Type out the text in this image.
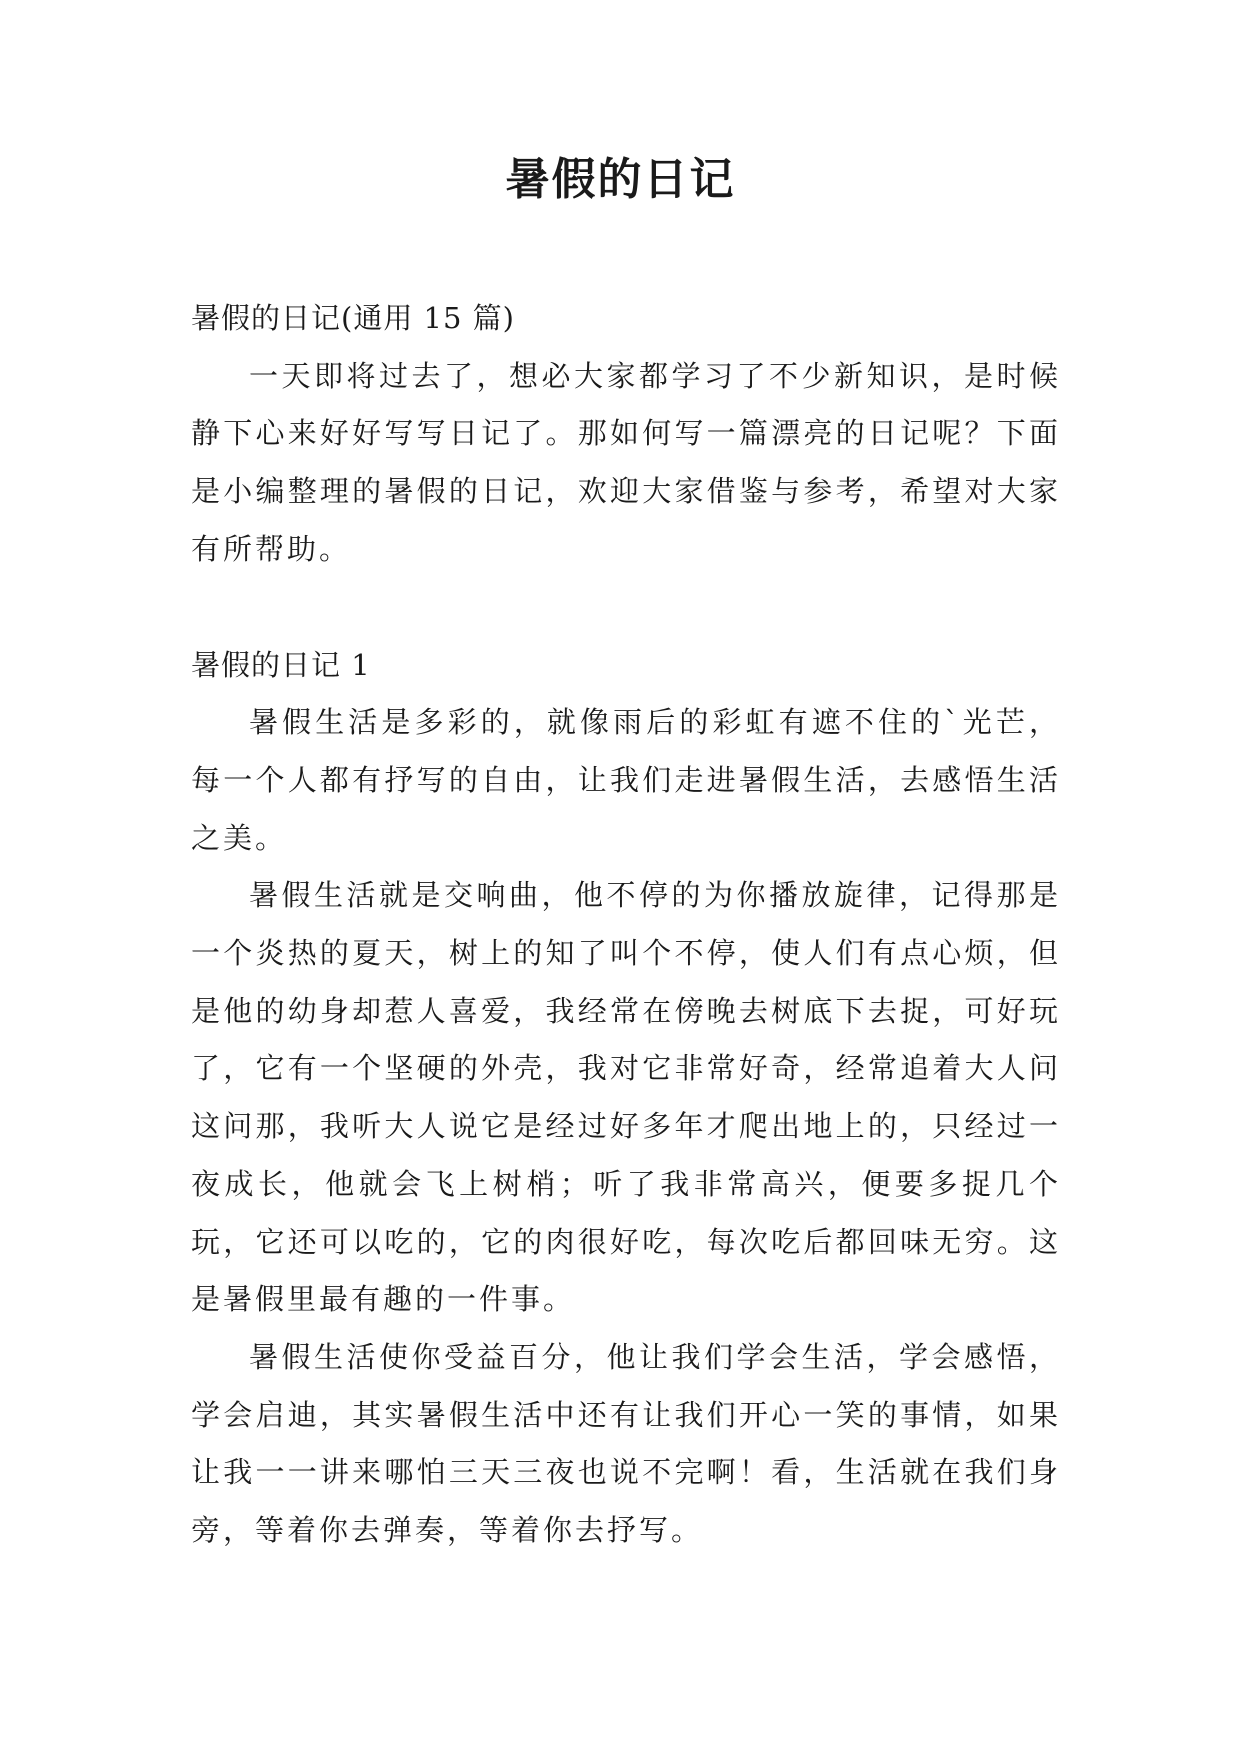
暑假的日记

暑假的日记(通用 15 篇)

一天即将过去了，想必大家都学习了不少新知识，是时候静下心来好好写写日记了。那如何写一篇漂亮的日记呢？下面是小编整理的暑假的日记，欢迎大家借鉴与参考，希望对大家有所帮助。

暑假的日记 1

暑假生活是多彩的，就像雨后的彩虹有遮不住的`光芒，每一个人都有抒写的自由，让我们走进暑假生活，去感悟生活之美。

暑假生活就是交响曲，他不停的为你播放旋律，记得那是一个炎热的夏天，树上的知了叫个不停，使人们有点心烦，但是他的幼身却惹人喜爱，我经常在傍晚去树底下去捉，可好玩了，它有一个坚硬的外壳，我对它非常好奇，经常追着大人问这问那，我听大人说它是经过好多年才爬出地上的，只经过一夜成长，他就会飞上树梢；听了我非常高兴，便要多捉几个玩，它还可以吃的，它的肉很好吃，每次吃后都回味无穷。这是暑假里最有趣的一件事。

暑假生活使你受益百分，他让我们学会生活，学会感悟，学会启迪，其实暑假生活中还有让我们开心一笑的事情，如果让我一一讲来哪怕三天三夜也说不完啊！看，生活就在我们身旁，等着你去弹奏，等着你去抒写。
